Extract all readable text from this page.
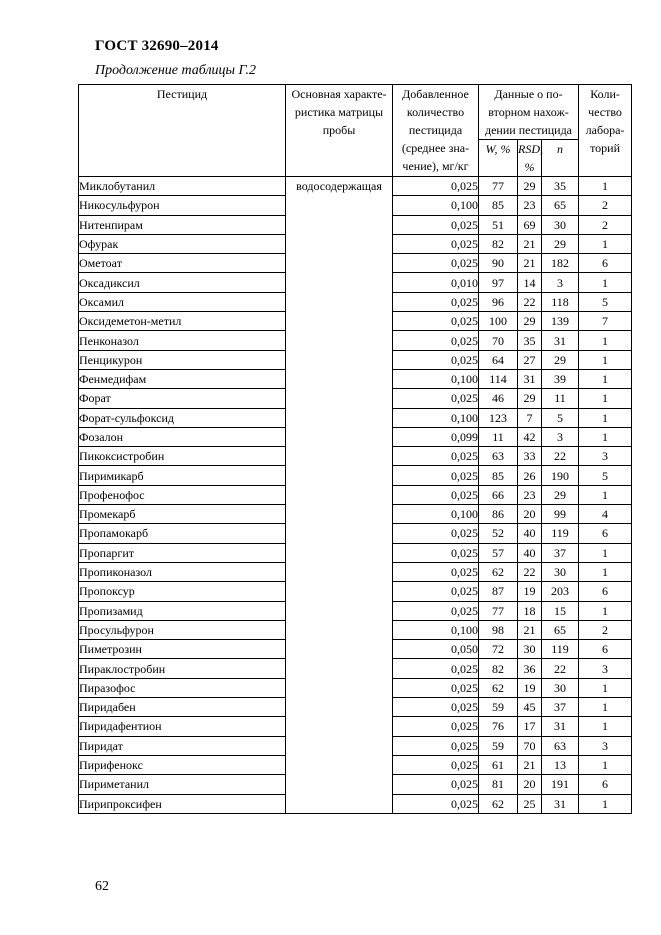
ГОСТ 32690–2014
Продолжение таблицы Г.2
Пестицид	Основная характе-ристика матрицы пробы	Добавленное количество пестицида (среднее зна-чение), мг/кг	Данные о по-вторном нахож-дении пестицида			Коли-чество лабора-торий
			W, %	RSD, %	n	
Миклобутанил	водосодержащая	0,025	77	29	35	1
Никосульфурон		0,100	85	23	65	2
Нитенпирам		0,025	51	69	30	2
Офурак		0,025	82	21	29	1
Ометоат		0,025	90	21	182	6
Оксадиксил		0,010	97	14	3	1
Оксамил		0,025	96	22	118	5
Оксидеметон-метил		0,025	100	29	139	7
Пенконазол		0,025	70	35	31	1
Пенцикурон		0,025	64	27	29	1
Фенмедифам		0,100	114	31	39	1
Форат		0,025	46	29	11	1
Форат-сульфоксид		0,100	123	7	5	1
Фозалон		0,099	11	42	3	1
Пикоксистробин		0,025	63	33	22	3
Пиримикарб		0,025	85	26	190	5
Профенофос		0,025	66	23	29	1
Промекарб		0,100	86	20	99	4
Пропамокарб		0,025	52	40	119	6
Пропаргит		0,025	57	40	37	1
Пропиконазол		0,025	62	22	30	1
Пропоксур		0,025	87	19	203	6
Пропизамид		0,025	77	18	15	1
Просульфурон		0,100	98	21	65	2
Пиметрозин		0,050	72	30	119	6
Пираклостробин		0,025	82	36	22	3
Пиразофос		0,025	62	19	30	1
Пиридабен		0,025	59	45	37	1
Пиридафентион		0,025	76	17	31	1
Пиридат		0,025	59	70	63	3
Пирифенокс		0,025	61	21	13	1
Пириметанил		0,025	81	20	191	6
Пирипроксифен		0,025	62	25	31	1
62
